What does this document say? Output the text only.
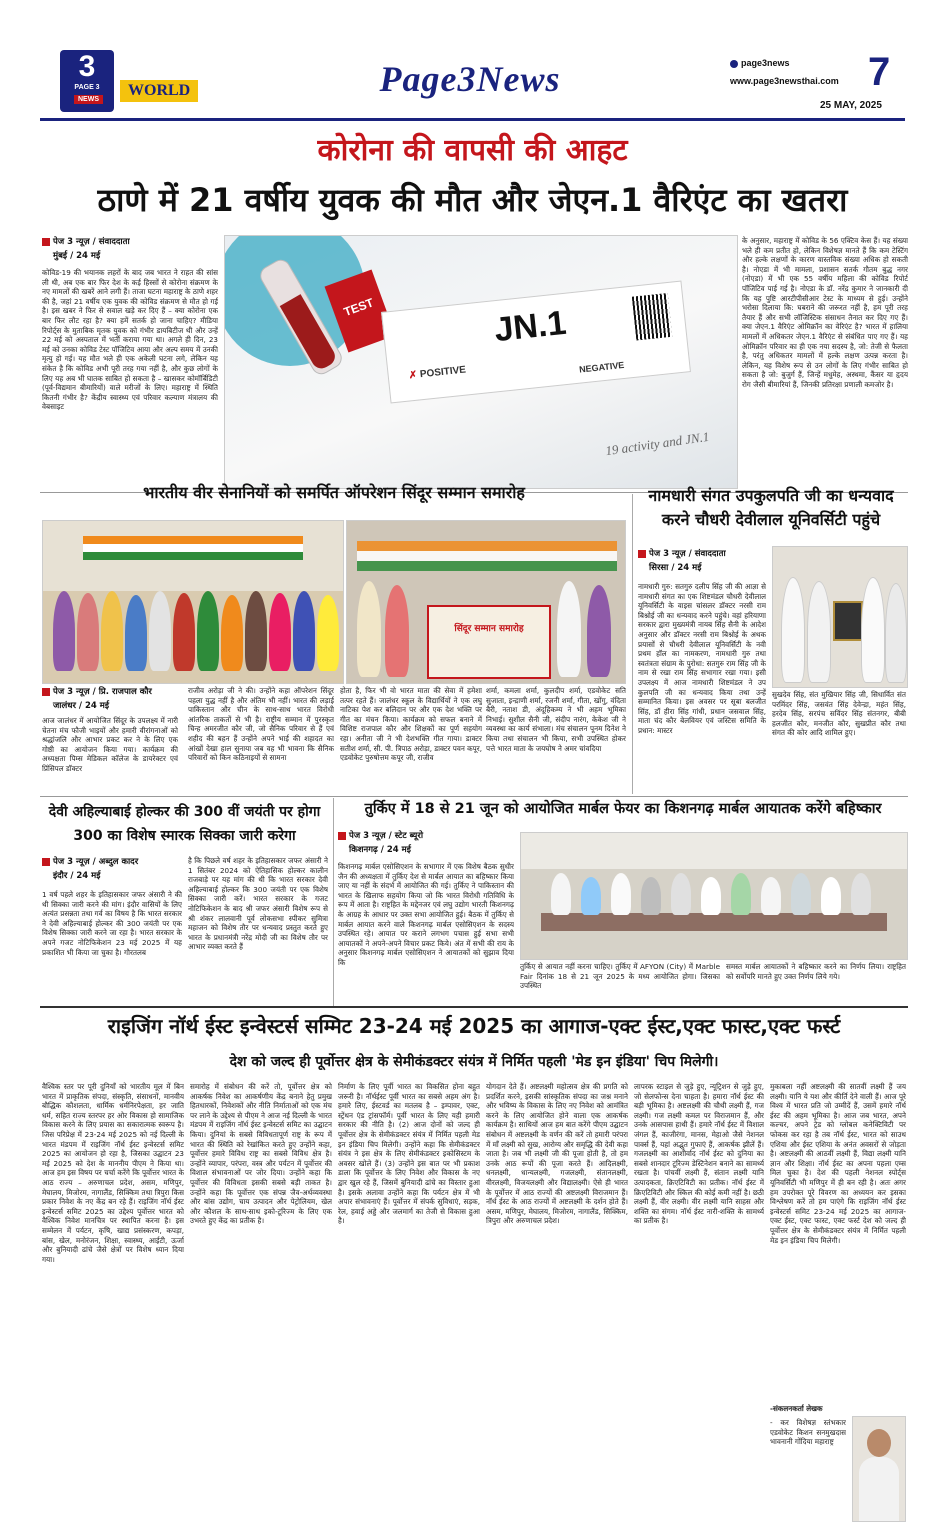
3
PAGE 3
NEWS
WORLD	Page3News	page3news
www.page3newsthai.com 7
25 MAY, 2025
कोरोना की वापसी की आहट
ठाणे में 21 वर्षीय युवक की मौत और जेएन.1 वैरिएंट का खतरा
पेज 3 न्यूज़ / संवाददाता
मुंबई / 24 मई
कोविड-19 की भयानक लहरों के बाद जब भारत ने राहत की सांस ली थी, अब एक बार फिर देश के कई हिस्सों से कोरोना संक्रमण के नए मामलों की खबरें आने लगी हैं। ताजा घटना महाराष्ट्र के ठाणे शहर की है, जहां 21 वर्षीय एक युवक की कोविड संक्रमण से मौत हो गई है। इस खबर ने फिर से सवाल खड़े कर दिए हैं – क्या कोरोना एक बार फिर लौट रहा है? क्या हमें सतर्क हो जाना चाहिए? मीडिया रिपोर्ट्स के मुताबिक मृतक युवक को गंभीर डायबिटीज थी और उन्हें 22 मई को अस्पताल में भर्ती कराया गया था। अगले ही दिन, 23 मई को उनका कोविड टेस्ट पॉजिटिव आया और अल्प समय में उनकी मृत्यु हो गई। यह मौत भले ही एक अकेली घटना लगे, लेकिन यह संकेत है कि कोविड अभी पूरी तरह गया नहीं है, और कुछ लोगों के लिए यह अब भी घातक साबित हो सकता है – खासकर कोमॉर्बिडिटी (पूर्व-विद्यमान बीमारियों) वाले मरीजों के लिए। महाराष्ट्र में स्थिति कितनी गंभीर है? केंद्रीय स्वास्थ्य एवं परिवार कल्याण मंत्रालय की वेबसाइट
TEST	JN.1
✗ POSITIVE	NEGATIVE
19 activity and JN.1
के अनुसार, महाराष्ट्र में कोविड के 56 एक्टिव केस हैं। यह संख्या भले ही कम प्रतीत हो, लेकिन विशेषज्ञ मानते हैं कि कम टेस्टिंग और हल्के लक्षणों के कारण वास्तविक संख्या अधिक हो सकती है। नोएडा में भी मामला, प्रशासन सतर्क गौतम बुद्ध नगर (नोएडा) में भी एक 55 वर्षीय महिला की कोविड रिपोर्ट पॉजिटिव पाई गई है। नोएडा के डॉ. नरेंद्र कुमार ने जानकारी दी कि यह पुष्टि आरटीपीसीआर टेस्ट के माध्यम से हुई। उन्होंने भरोसा दिलाया कि: घबराने की जरूरत नहीं है, हम पूरी तरह तैयार हैं और सभी लॉजिस्टिक संसाधन तैनात कर दिए गए हैं। क्या जेएन.1 वैरिएंट ओमिक्रॉन का वेरिएंट है? भारत में हालिया मामलों में अधिकतर जेएन.1 वैरिएंट से संबंधित पाए गए हैं। यह ओमिक्रॉन परिवार का ही एक नया सदस्य है, जो: तेजी से फैलता है, परंतु अधिकतर मामलों में हल्के लक्षण उत्पन्न करता है। लेकिन, यह विशेष रूप से उन लोगों के लिए गंभीर साबित हो सकता है जो: बुजुर्ग हैं, जिन्हें मधुमेह, अस्थमा, कैंसर या हृदय रोग जैसी बीमारियां हैं, जिनकी प्रतिरक्षा प्रणाली कमजोर है।
भारतीय वीर सेनानियों को समर्पित ऑपरेशन सिंदूर सम्मान समारोह
सिंदूर सम्मान समारोह
पेज 3 न्यूज़ / प्रि. राजपाल कौर
जालंधर / 24 मई
आज जालंधर में आयोजित सिंदूर के उपलक्ष्य में नारी चेतना मंच फौजी भाइयों और हमारी वीरांगनाओं को श्रद्धांजलि और आभार प्रकट कर ने के लिए एक गोष्ठी का आयोजन किया गया। कार्यक्रम की अध्यक्षता पिम्स मेडिकल कॉलेज के डायरेक्टर एवं प्रिंसिपल डॉक्टर
राजीव अरोड़ा जी ने की। उन्होंने कहा ऑपरेशन सिंदूर पहला युद्ध नहीं है और अंतिम भी नहीं। भारत की लड़ाई पाकिस्तान और चीन के साथ-साथ भारत विरोधी आंतरिक ताकतों से भी है। राष्ट्रीय सम्मान में पुरस्कृत चिन्ह अमरजीत कौर जी, जो सैनिक परिवार से हैं एवं शहीद की बहन हैं उन्होंने अपने भाई की शहादत का आंखों देखा हाल सुनाया जब वह भी भावना कि सैनिक परिवारों को किन कठिनाइयों से सामना
होता है, फिर भी वो भारत माता की सेवा में हमेशा तत्पर रहते हैं। जालंधर स्कूल के विद्यार्थियों ने एक लघु नाटिका पेश कर बलिदान पर और एक देश भक्ति पर गीत का मंचन किया। कार्यक्रम को सफल बनाने में विशिष्ट राजपाल कौर और शिक्षकों का पूर्ण सहयोग रहा। अनीता जी ने भी देशभक्ति गीत गाया। डाक्टर सतीश शर्मा, सी. पी. त्रिपाठ अरोड़ा, डाक्टर पवन कपूर, एडवोकेट पुरुषोत्तम कपूर जी, राजीव
शर्मा, कमला शर्मा, कुलदीप शर्मा, एडवोकेट सति सुजाता, इन्द्राणी शर्मा, रजनी शर्मा, गीता, खोंगु, वंदिता बैरी, नताश डी, अंदूहिकम्य ने भी अहम भूमिका निभाई। सुशील सैनी जी, संदीप नारंग, केकेश जी ने व्यवस्था का कार्य संभाला। मंच संचालन पूनम दिनेश ने किया तथा संचालन भी किया, सभी उपस्थित होकर पत्ते भारत माता के जयघोष ने अमर चांवदिया
नामधारी संगत उपकुलपति जी का धन्यवाद करने चौधरी देवीलाल यूनिवर्सिटी पहुंचे
पेज 3 न्यूज़ / संवाददाता
सिरसा / 24 मई
नामधारी गुरु: सतगुरु दलीप सिंह जी की आज्ञा से नामधारी संगत का एक शिष्टमंडल चौधरी देवीलाल यूनिवर्सिटी के वाइस चांसलर डॉक्टर नरसी राम बिश्नोई जी का धन्यवाद करने पहुंचे। वहां हरियाणा सरकार द्वारा मुख्यमंत्री नायब सिंह सैनी के आदेश अनुसार और डॉक्टर नरसी राम बिश्नोई के अथक प्रयासों से चौधरी देवीलाल यूनिवर्सिटी के नवी प्रथम हॉल का नामकरण, नामधारी गुरु तथा स्वतंत्रता संग्राम के पुरोधा: सतगुरु राम सिंह जी के नाम से रखा राम सिंह सभागार रखा गया। इसी उपलक्ष्य में आज नामधारी शिष्टमंडल ने उप कुलपति जी का धन्यवाद किया तथा उन्हें सम्मानित किया। इस अवसर पर सूबा बलजीत सिंह, डॉ हीरा सिंह गांधी, प्रधान जसवाल सिंह, माता चंद कौर बेलवियर एवं जस्टिस समिति के प्रधान: मास्टर
सुखदेव सिंह, संत मुखियार सिंह जी, सिधार्वित संत परमिंदर सिंह, जसवंत सिंह देवेन्द्रा, महंत सिंह, हरदेव सिंह, सरपंच सविंदर सिंह संतनगर, बीबी हलजीत कौर, मनजीत कौर, सुखप्रीत कौर तथा संगत की कोर आदि शामिल हुए।
देवी अहिल्याबाई होल्कर की 300 वीं जयंती पर होगा 300 का विशेष स्मारक सिक्का जारी करेगा
पेज 3 न्यूज़ / अब्दुल कादर
इंदौर / 24 मई
1 वर्ष पहले शहर के इतिहासकार जफर अंसारी ने की थी सिक्का जारी करने की मांग। इंदौर वासियों के लिए अत्यंत प्रसन्नता तथा गर्व का विषय है कि भारत सरकार ने देवी अहिल्याबाई होल्कर की 300 जयंती पर एक विशेष सिक्का जारी करने जा रहा है। भारत सरकार के अपने गजट नोटिफिकेशन 23 मई 2025 में यह प्रकाशित भी किया जा चुका है। गौरतलब
है कि पिछले वर्ष शहर के इतिहासकार जफर अंसारी ने 1 सितंबर 2024 को ऐतिहासिक होल्कर कालीन राजबाड़े पर यह मांग की थी कि भारत सरकार देवी अहिल्याबाई होल्कर कि 300 जयंती पर एक विशेष सिक्का जारी करें। भारत सरकार के गजट नोटिफिकेशन के बाद श्री जफर अंसारी विशेष रूप से श्री शंकर लालवानी पूर्व लोकसभा स्पीकर सुमित्रा महाजन को विशेष तौर पर धन्यवाद प्रस्तुत करते हुए भारत के प्रधानमंत्री नरेंद्र मोदी जी का विशेष तौर पर आभार व्यक्त करते हैं
तुर्किए में 18 से 21 जून को आयोजित मार्बल फेयर का किशनगढ़ मार्बल आयातक करेंगे बहिष्कार
पेज 3 न्यूज़ / स्टेट ब्यूरो
किशनगढ़ / 24 मई
किशनगढ़ मार्बल एसोसिएशन के सभागार में एक विशेष बैठक सुधीर जैन की अध्यक्षता में तुर्किए देश से मार्बल आयात का बहिष्कार किया जाए या नहीं के संदर्भ में आयोजित की गई। तुर्किए ने पाकिस्तान की भारत के खिलाफ सहयोग किया जो कि भारत विरोधी गतिविधि के रूप में आता है। राष्ट्रहित के मद्देनजर एवं लघु उद्योग भारती किशनगढ़ के आग्रह के आधार पर उक्त सभा आयोजित हुई। बैठक में तुर्किए से मार्बल आयात करने वाले किशनगढ़ मार्बल एसोसिएशन के सदस्य उपस्थित रहे। आयात पर कराने लगभग पचास हुई सभा सभी आयातकों ने अपने-अपने विचार प्रकट किये। अंत में सभी की राय के अनुसार किशनगढ़ मार्बल एसोसिएशन ने आयातकों को सुझाव दिया कि	तुर्किए से आयात नहीं करना चाहिए। तुर्किए में AFYON (City) में Marble Fair दिनांक 18 से 21 जून 2025 के मध्य आयोजित होगा। जिसका उपस्थित
समस्त मार्बल आयातकों ने बहिष्कार करने का निर्णय लिया। राष्ट्रहित को सर्वोपरि मानते हुए उक्त निर्णय लिये गये।
राइजिंग नॉर्थ ईस्ट इन्वेस्टर्स सम्मिट 23-24 मई 2025 का आगाज-एक्ट ईस्ट,एक्ट फास्ट,एक्ट फर्स्ट
देश को जल्द ही पूर्वोत्तर क्षेत्र के सेमीकंडक्टर संयंत्र में निर्मित पहली 'मेड इन इंडिया' चिप मिलेगी।
वैश्विक स्तर पर पूरी दुनियाँ को भारतीय मूल में बिन भारत में प्राकृतिक संपदा, संस्कृति, संसाधनों, मानवीय बौद्धिक कौशलता, धार्मिक धर्मनिरपेक्षता, हर जाति धर्म, सहित राज्य स्तरपर हर ओर विकास हो सामाजिक विकास करने के लिए प्रयास का सकारात्मक स्वरूप है। जिस परिप्रेक्ष में 23-24 मई 2025 को नई दिल्ली के भारत मंडपम में राइजिंग नॉर्थ ईस्ट इन्वेस्टर्स समिट 2025 का आयोजन हो रहा है, जिसका उद्घाटन 23 मई 2025 को देश के माननीय पीएम ने किया था। आज हम इस विषय पर चर्चा करेंगे कि पूर्वोत्तर भारत के आठ राज्य – अरुणाचल प्रदेश, असम, मणिपुर, मेघालय, मिजोरम, नागालैंड, सिक्किम तथा त्रिपुरा किस प्रकार निवेश के नए केंद्र बन रहे हैं। राइजिंग नॉर्थ ईस्ट इन्वेस्टर्स समिट 2025 का उद्देश्य पूर्वोत्तर भारत को वैश्विक निवेश मानचित्र पर स्थापित करना है। इस सम्मेलन में पर्यटन, कृषि, खाद्य प्रसंस्करण, कपड़ा, बांस, खेल, मनोरंजन, शिक्षा, स्वास्थ्य, आईटी, ऊर्जा और बुनियादी ढांचे जैसे क्षेत्रों पर विशेष ध्यान दिया गया।
समारोह में संबोधन की करें तो, पूर्वोत्तर क्षेत्र को आकर्षक निवेश का आकर्षणीय केंद्र बनाने हेतु प्रमुख हितधारकों, निवेशकों और नीति निर्माताओं को एक मंच पर लाने के उद्देश्य से पीएम ने आज नई दिल्ली के भारत मंडपम में राइजिंग नॉर्थ ईस्ट इन्वेस्टर्स समिट का उद्घाटन किया। दुनियां के सबसे विविधतापूर्ण राष्ट्र के रूप में भारत की स्थिति को रेखांकित करते हुए उन्होंने कहा, पूर्वोत्तर हमारे विविध राष्ट्र का सबसे विविध क्षेत्र है। उन्होंने व्यापार, परंपरा, वस्त्र और पर्यटन में पूर्वोत्तर की विशाल संभावनाओं पर जोर दिया। उन्होंने कहा कि पूर्वोत्तर की विविधता इसकी सबसे बड़ी ताकत है। उन्होंने कहा कि पूर्वोत्तर एक संपन्न जैव-अर्थव्यवस्था और बांस उद्योग, चाय उत्पादन और पेट्रोलियम, खेल और कौशल के साथ-साथ इको-टूरिज्म के लिए एक उभरते हुए केंद्र का प्रतीक है।
निर्माण के लिए पूर्वी भारत का विकसित होना बहुत जरूरी है। नॉर्थईस्ट पूर्वी भारत का सबसे अहम अंग है। हमारे लिए, ईस्टवर्ड का मतलब है – इम्पावर, एक्ट, स्ट्रेंथन एंड ट्रांसफॉर्म। पूर्वी भारत के लिए यही हमारी सरकार की नीति है। (2) आज दोनों को जल्द ही पूर्वोत्तर क्षेत्र के सेमीकंडक्टर संयंत्र में निर्मित पहली मेड इन इंडिया चिप मिलेगी। उन्होंने कहा कि सेमीकंडक्टर संयंत्र ने इस क्षेत्र के लिए सेमीकंडक्टर इकोसिस्टम के अवसर खोले हैं। (3) उन्होंने इस बात पर भी प्रकाश डाला कि पूर्वोत्तर के लिए निवेश और विकास के नए द्वार खुल रहे हैं, जिसमें बुनियादी ढांचे का विस्तार हुआ है। इसके अलावा उन्होंने कहा कि पर्यटन क्षेत्र में भी अपार संभावनाएं हैं। पूर्वोत्तर में संपर्क सुविधाएं, सड़क, रेल, हवाई अड्डे और जलमार्ग का तेजी से विकास हुआ है।
योगदान देते हैं। अष्टलक्ष्मी महोत्सव क्षेत्र की प्रगति को प्रदर्शित करने, इसकी सांस्कृतिक संपदा का जश्न मनाने और भविष्य के विकास के लिए नए निवेश को आमंत्रित करने के लिए आयोजित होने वाला एक आकर्षक कार्यक्रम है। साथियों आज हम बात करेंगे पीएम उद्घाटन संबोधन में अष्टलक्ष्मी के वर्णन की करें तो हमारी परंपरा में माँ लक्ष्मी को सुख, आरोग्य और समृद्धि की देवी कहा जाता है। जब भी लक्ष्मी जी की पूजा होती है, तो हम उनके आठ रूपों की पूजा करते हैं। आदिलक्ष्मी, धनलक्ष्मी, धान्यलक्ष्मी, गजलक्ष्मी, संतानलक्ष्मी, वीरलक्ष्मी, विजयलक्ष्मी और विद्यालक्ष्मी। ऐसे ही भारत के पूर्वोत्तर में आठ राज्यों की अष्टलक्ष्मी विराजमान हैं। नॉर्थ ईस्ट के आठ राज्यों में अष्टलक्ष्मी के दर्शन होते हैं। असम, मणिपुर, मेघालय, मिजोरम, नागालैंड, सिक्किम, त्रिपुरा और अरुणाचल प्रदेश।
लापरक स्टाइल से जुड़े हुए, न्यूट्रिशन से जुड़े हुए, जो सेलफोन्स देना चाहता है। हमारा नॉर्थ ईस्ट की बड़ी भूमिका है। अष्टलक्ष्मी की चौथी लक्ष्मी हैं, गज लक्ष्मी। गज लक्ष्मी कमल पर विराजमान हैं, और उनके आसपास हाथी हैं। हमारे नॉर्थ ईस्ट में विशाल जंगल हैं, काजीरंगा, मानस, मेहाओ जैसे नेशनल पार्क्स हैं, यहां अद्भुत गुफाएं हैं, आकर्षक झीलें हैं। गजलक्ष्मी का आशीर्वाद नॉर्थ ईस्ट को दुनिया का सबसे शानदार टूरिज्म डेस्टिनेशन बनाने का सामर्थ्य रखता है। पांचवीं लक्ष्मी हैं, संतान लक्ष्मी यानि उत्पादकता, क्रिएटिविटी का प्रतीक। नॉर्थ ईस्ट में क्रिएटिविटी और स्किल की कोई कमी नहीं है। छठी लक्ष्मी हैं, वीर लक्ष्मी। वीर लक्ष्मी यानि साहस और शक्ति का संगम। नॉर्थ ईस्ट नारी-शक्ति के सामर्थ्य का प्रतीक है।
मुकाबला नहीं अष्टलक्ष्मी की सातवीं लक्ष्मी हैं जय लक्ष्मी। यानि ये यश और कीर्ति देने वाली हैं। आज पूरे विश्व में भारत प्रति जो उम्मीदें हैं, उसमें हमारे नॉर्थ ईस्ट की अहम भूमिका है। आज जब भारत, अपने कल्चर, अपने ट्रेड को ग्लोबल कनेक्टिविटी पर फोकस कर रहा है तब नॉर्थ ईस्ट, भारत को साउथ एशिया और ईस्ट एशिया के अनंत अवसरों से जोड़ता है। अष्टलक्ष्मी की आठवीं लक्ष्मी हैं, विद्या लक्ष्मी यानि ज्ञान और शिक्षा। नॉर्थ ईस्ट का अपना पहला एम्स मिल चुका है। देश की पहली नेशनल स्पोर्ट्स यूनिवर्सिटी भी मणिपुर में ही बन रही है। अतः अगर हम उपरोक्त पूरे विवरण का अध्ययन कर इसका विश्लेषण करें तो हम पाएंगे कि राइजिंग नॉर्थ ईस्ट इन्वेस्टर्स समिट 23-24 मई 2025 का आगाज-एक्ट ईस्ट, एक्ट फास्ट, एक्ट फर्स्ट देश को जल्द ही पूर्वोत्तर क्षेत्र के सेमीकंडक्टर संयंत्र में निर्मित पहली मेड इन इंडिया चिप मिलेगी।
-संकलनकर्ता लेखक
- कर विशेषज्ञ स्तंभकार एडवोकेट किशन सनमुखदास भावनानी गोंदिया महाराष्ट्र
